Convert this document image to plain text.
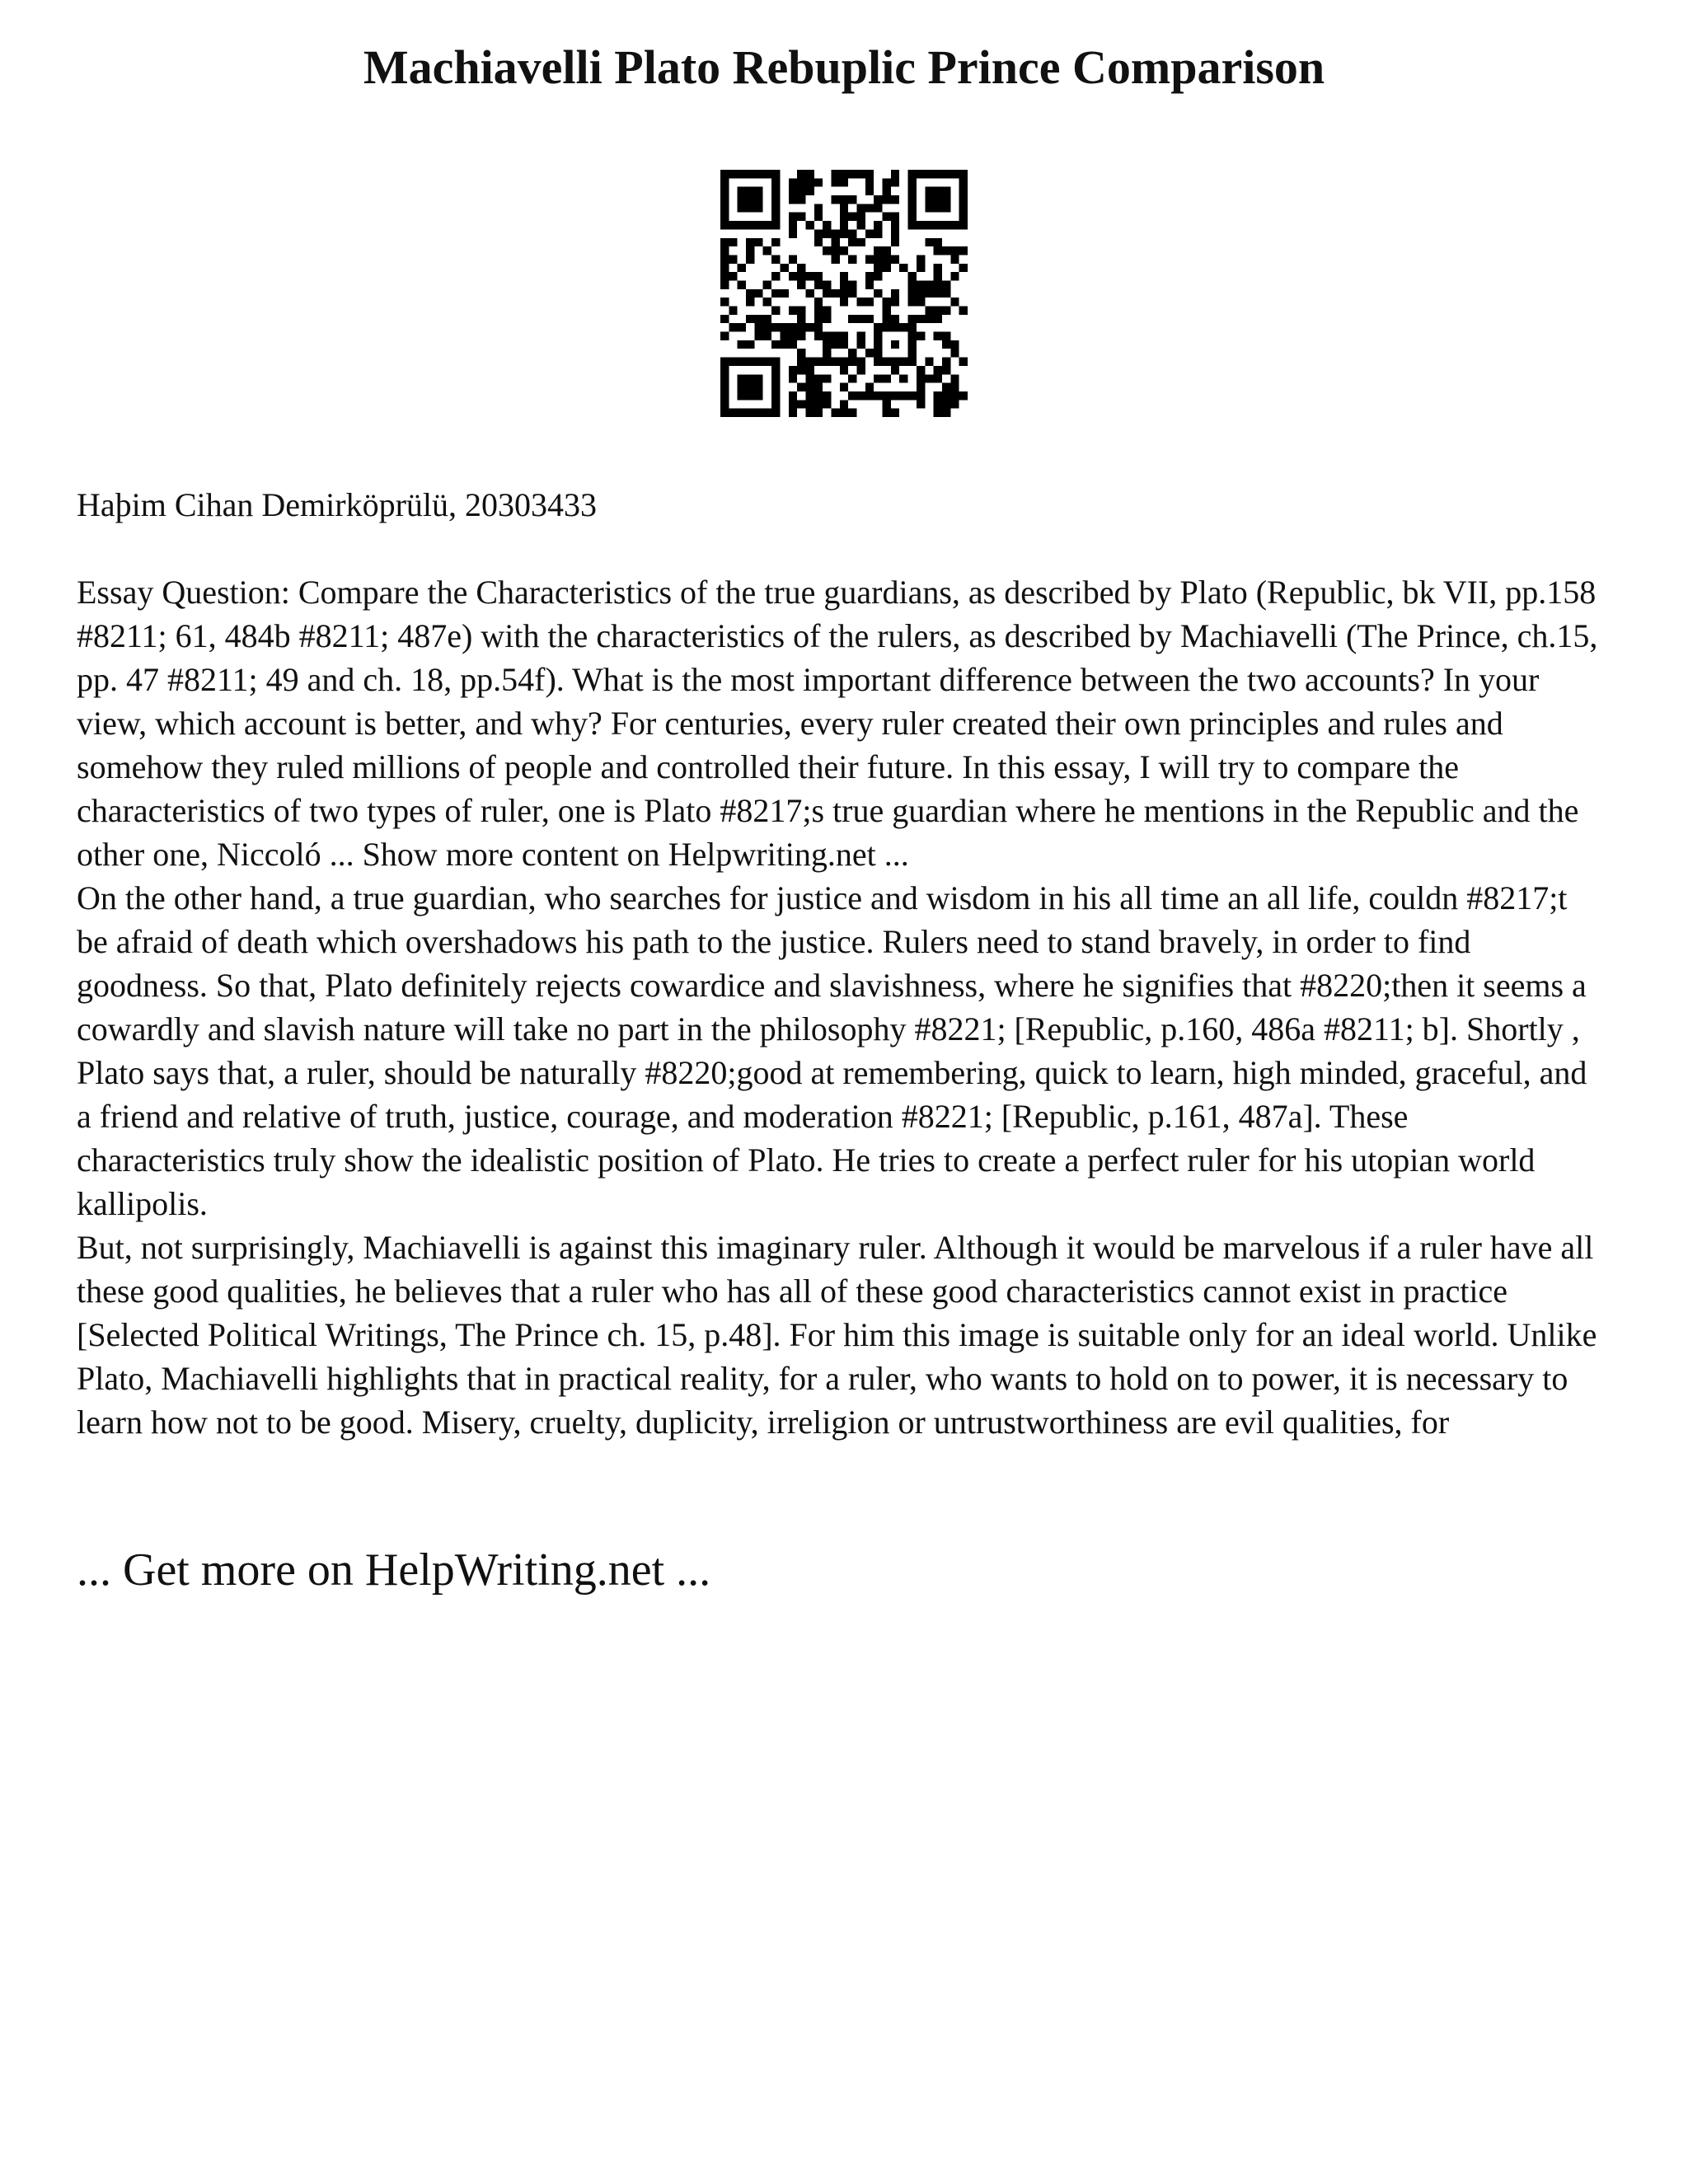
Machiavelli Plato Rebuplic Prince Comparison

Haþim Cihan Demirköprülü, 20303433

Essay Question: Compare the Characteristics of the true guardians, as described by Plato (Republic, bk VII, pp.158 #8211; 61, 484b #8211; 487e) with the characteristics of the rulers, as described by Machiavelli (The Prince, ch.15, pp. 47 #8211; 49 and ch. 18, pp.54f). What is the most important difference between the two accounts? In your view, which account is better, and why? For centuries, every ruler created their own principles and rules and somehow they ruled millions of people and controlled their future. In this essay, I will try to compare the characteristics of two types of ruler, one is Plato #8217;s true guardian where he mentions in the Republic and the other one, Niccoló ... Show more content on Helpwriting.net ...

On the other hand, a true guardian, who searches for justice and wisdom in his all time an all life, couldn #8217;t be afraid of death which overshadows his path to the justice. Rulers need to stand bravely, in order to find goodness. So that, Plato definitely rejects cowardice and slavishness, where he signifies that #8220;then it seems a cowardly and slavish nature will take no part in the philosophy #8221; [Republic, p.160, 486a #8211; b]. Shortly , Plato says that, a ruler, should be naturally #8220;good at remembering, quick to learn, high minded, graceful, and a friend and relative of truth, justice, courage, and moderation #8221; [Republic, p.161, 487a]. These characteristics truly show the idealistic position of Plato. He tries to create a perfect ruler for his utopian world kallipolis.

But, not surprisingly, Machiavelli is against this imaginary ruler. Although it would be marvelous if a ruler have all these good qualities, he believes that a ruler who has all of these good characteristics cannot exist in practice [Selected Political Writings, The Prince ch. 15, p.48]. For him this image is suitable only for an ideal world. Unlike Plato, Machiavelli highlights that in practical reality, for a ruler, who wants to hold on to power, it is necessary to learn how not to be good. Misery, cruelty, duplicity, irreligion or untrustworthiness are evil qualities, for

... Get more on HelpWriting.net ...
